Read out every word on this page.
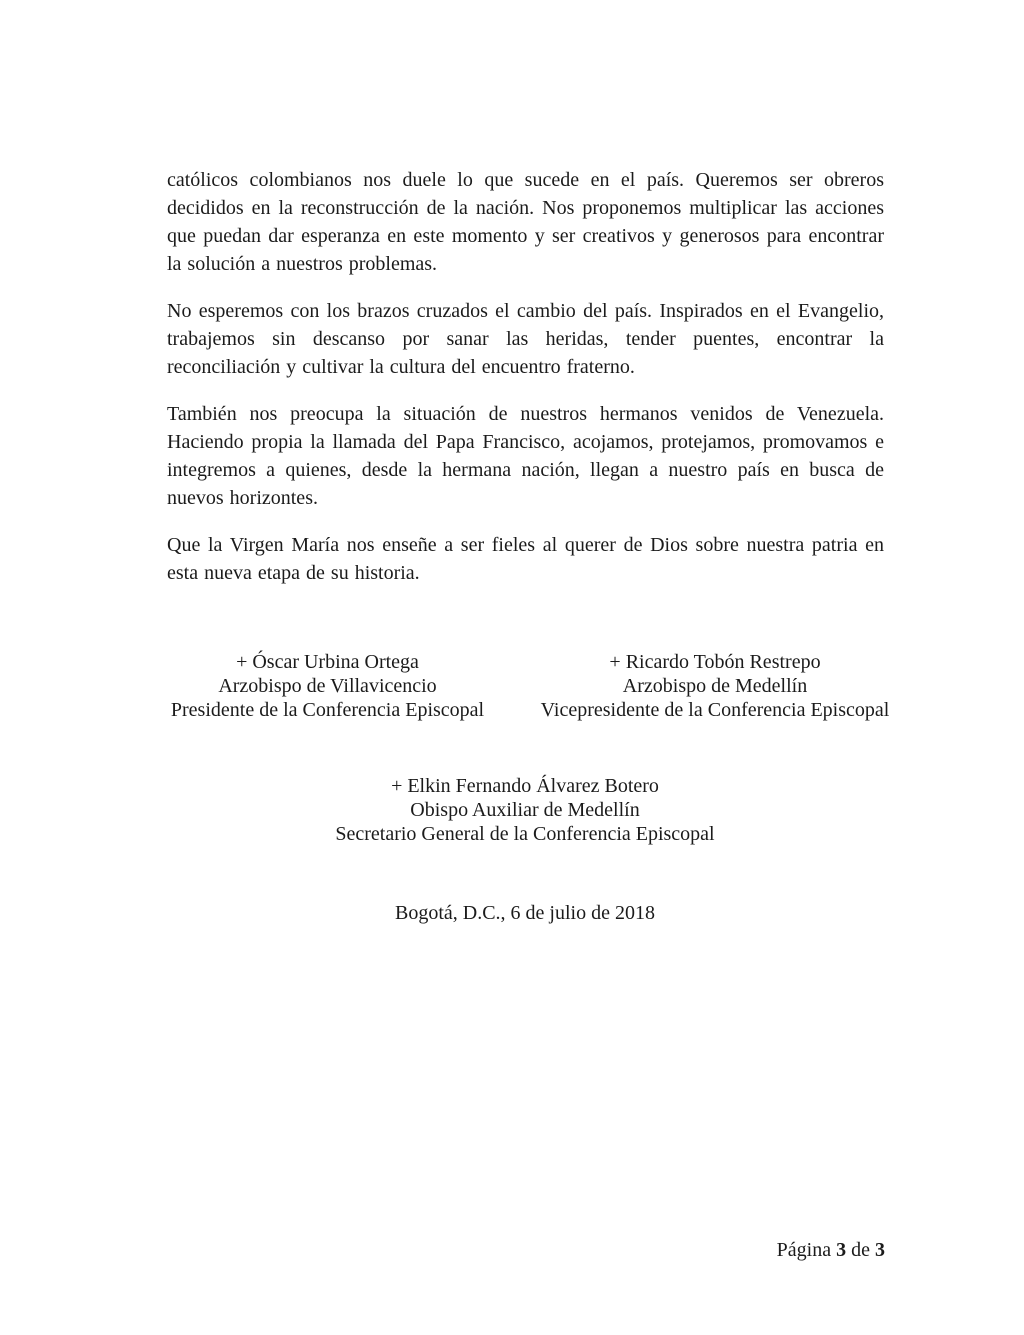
católicos colombianos nos duele lo que sucede en el país. Queremos ser obreros decididos en la reconstrucción de la nación. Nos proponemos multiplicar las acciones que puedan dar esperanza en este momento y ser creativos y generosos para encontrar la solución a nuestros problemas.

No esperemos con los brazos cruzados el cambio del país. Inspirados en el Evangelio, trabajemos sin descanso por sanar las heridas, tender puentes, encontrar la reconciliación y cultivar la cultura del encuentro fraterno.

También nos preocupa la situación de nuestros hermanos venidos de Venezuela. Haciendo propia la llamada del Papa Francisco, acojamos, protejamos, promovamos e integremos a quienes, desde la hermana nación, llegan a nuestro país en busca de nuevos horizontes.

Que la Virgen María nos enseñe a ser fieles al querer de Dios sobre nuestra patria en esta nueva etapa de su historia.

+ Óscar Urbina Ortega
Arzobispo de Villavicencio
Presidente de la Conferencia Episcopal
+ Ricardo Tobón Restrepo
Arzobispo de Medellín
Vicepresidente de la Conferencia Episcopal
+ Elkin Fernando Álvarez Botero
Obispo Auxiliar de Medellín
Secretario General de la Conferencia Episcopal
Bogotá, D.C., 6 de julio de 2018
Página 3 de 3
